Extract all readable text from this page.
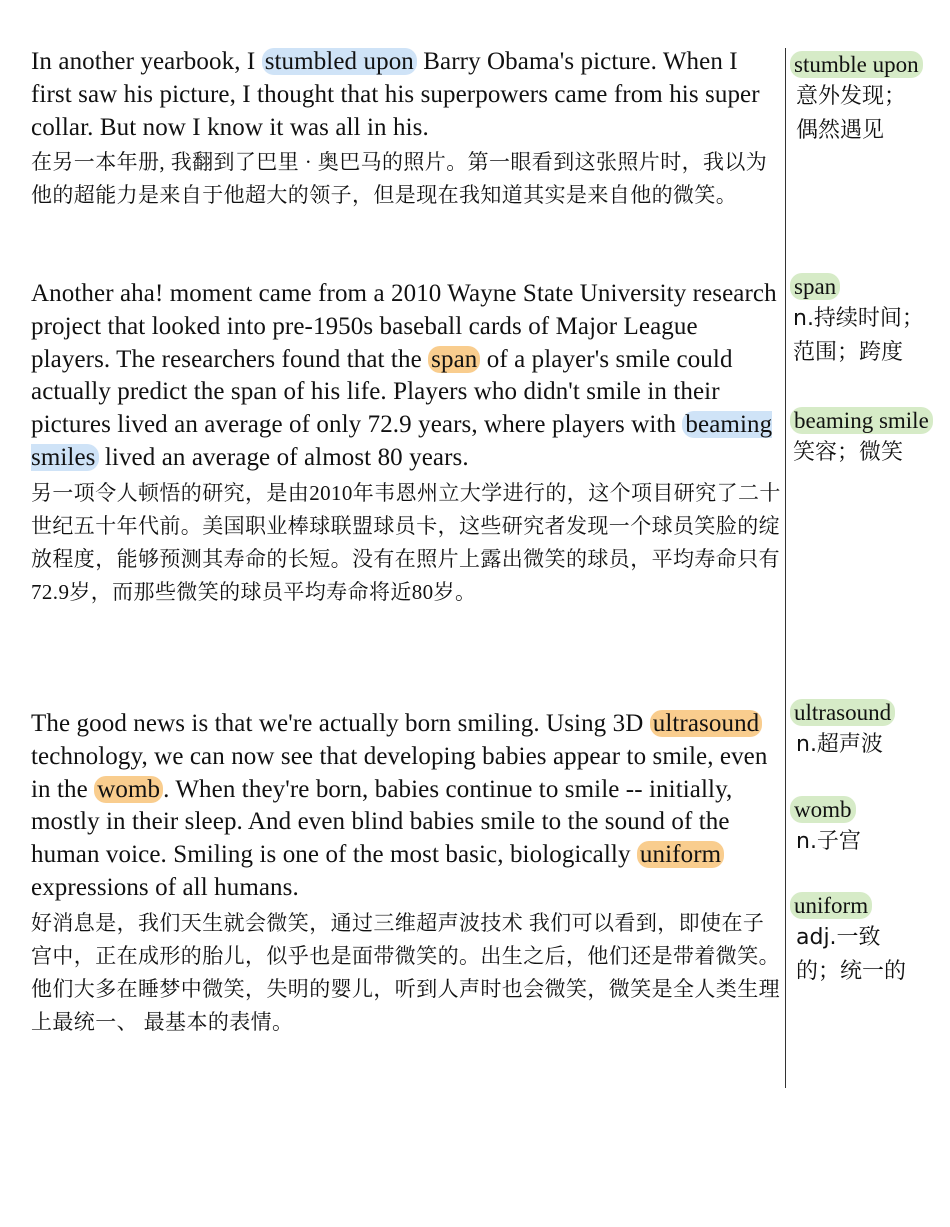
In another yearbook, I stumbled upon Barry Obama's picture. When I first saw his picture, I thought that his superpowers came from his super collar. But now I know it was all in his.

在另一本年册, 我翻到了巴里 · 奥巴马的照片。第一眼看到这张照片时，我以为他的超能力是来自于他超大的领子，但是现在我知道其实是来自他的微笑。

Another aha! moment came from a 2010 Wayne State University research project that looked into pre-1950s baseball cards of Major League players. The researchers found that the span of a player's smile could actually predict the span of his life. Players who didn't smile in their pictures lived an average of only 72.9 years, where players with beaming smiles lived an average of almost 80 years.

另一项令人顿悟的研究，是由2010年韦恩州立大学进行的，这个项目研究了二十世纪五十年代前。美国职业棒球联盟球员卡，这些研究者发现一个球员笑脸的绽放程度，能够预测其寿命的长短。没有在照片上露出微笑的球员，平均寿命只有72.9岁，而那些微笑的球员平均寿命将近80岁。

The good news is that we're actually born smiling. Using 3D ultrasound technology, we can now see that developing babies appear to smile, even in the womb . When they're born, babies continue to smile -- initially, mostly in their sleep. And even blind babies smile to the sound of the human voice. Smiling is one of the most basic, biologically uniform expressions of all humans.

好消息是，我们天生就会微笑，通过三维超声波技术 我们可以看到，即使在子宫中，正在成形的胎儿，似乎也是面带微笑的。出生之后，他们还是带着微笑。他们大多在睡梦中微笑，失明的婴儿，听到人声时也会微笑，微笑是全人类生理上最统一、 最基本的表情。

stumble upon
意外发现；
偶然遇见
span
n.持续时间；
范围；跨度
beaming smile
笑容；微笑
ultrasound
n.超声波
womb
n.子宫
uniform
adj.一致
的；统一的
